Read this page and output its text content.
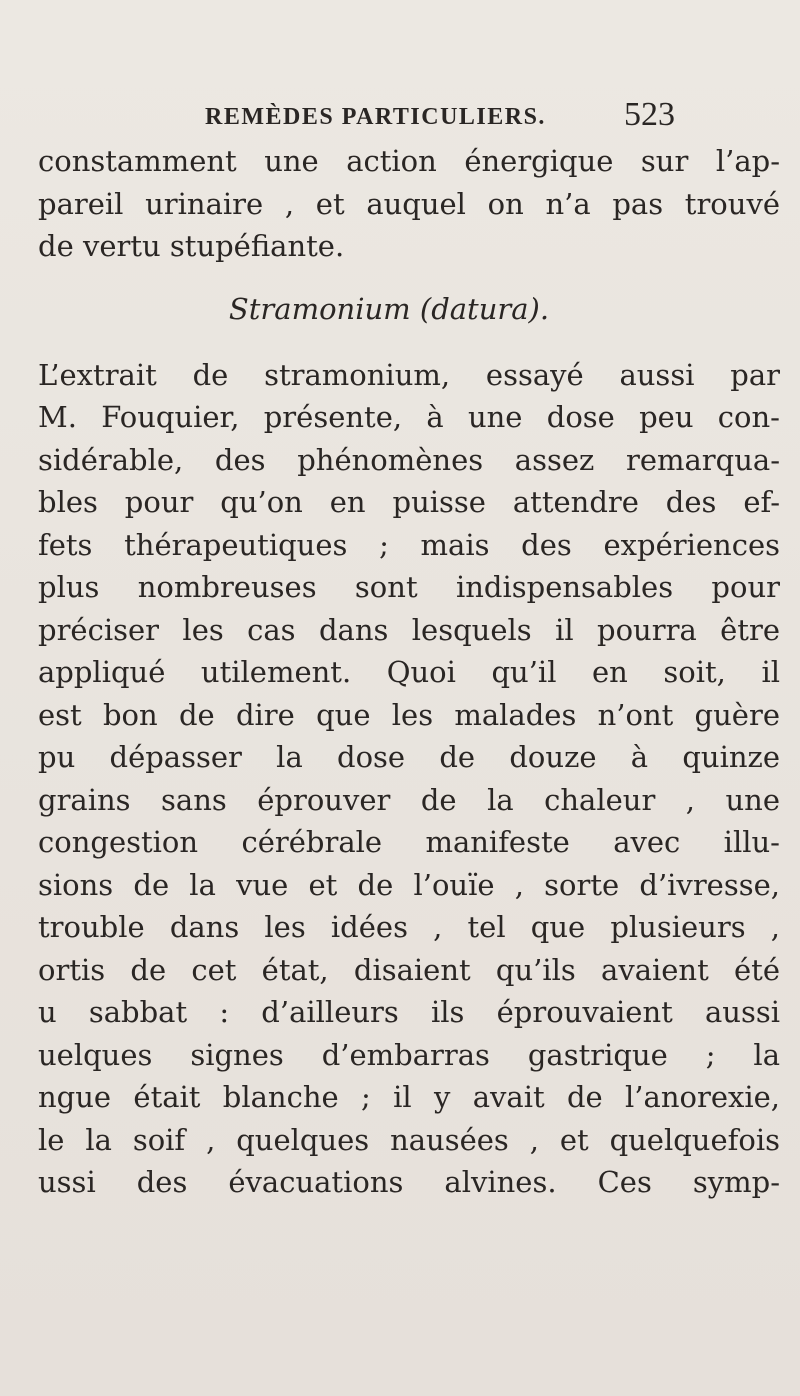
REMÈDES PARTICULIERS. 523
constamment une action énergique sur l’ap-
pareil urinaire , et auquel on n’a pas trouvé
de vertu stupéfiante.
Stramonium (datura).
L’extrait de stramonium, essayé aussi par
M. Fouquier, présente, à une dose peu con-
sidérable, des phénomènes assez remarqua-
bles pour qu’on en puisse attendre des ef-
fets thérapeutiques ; mais des expériences
plus nombreuses sont indispensables pour
préciser les cas dans lesquels il pourra être
appliqué utilement. Quoi qu’il en soit, il
est bon de dire que les malades n’ont guère
pu dépasser la dose de douze à quinze
grains sans éprouver de la chaleur , une
congestion cérébrale manifeste avec illu-
sions de la vue et de l’ouïe , sorte d’ivresse,
trouble dans les idées , tel que plusieurs ,
ortis de cet état, disaient qu’ils avaient été
u sabbat : d’ailleurs ils éprouvaient aussi
uelques signes d’embarras gastrique ; la
ngue était blanche ; il y avait de l’anorexie,
le la soif , quelques nausées , et quelquefois
ussi des évacuations alvines. Ces symp-
